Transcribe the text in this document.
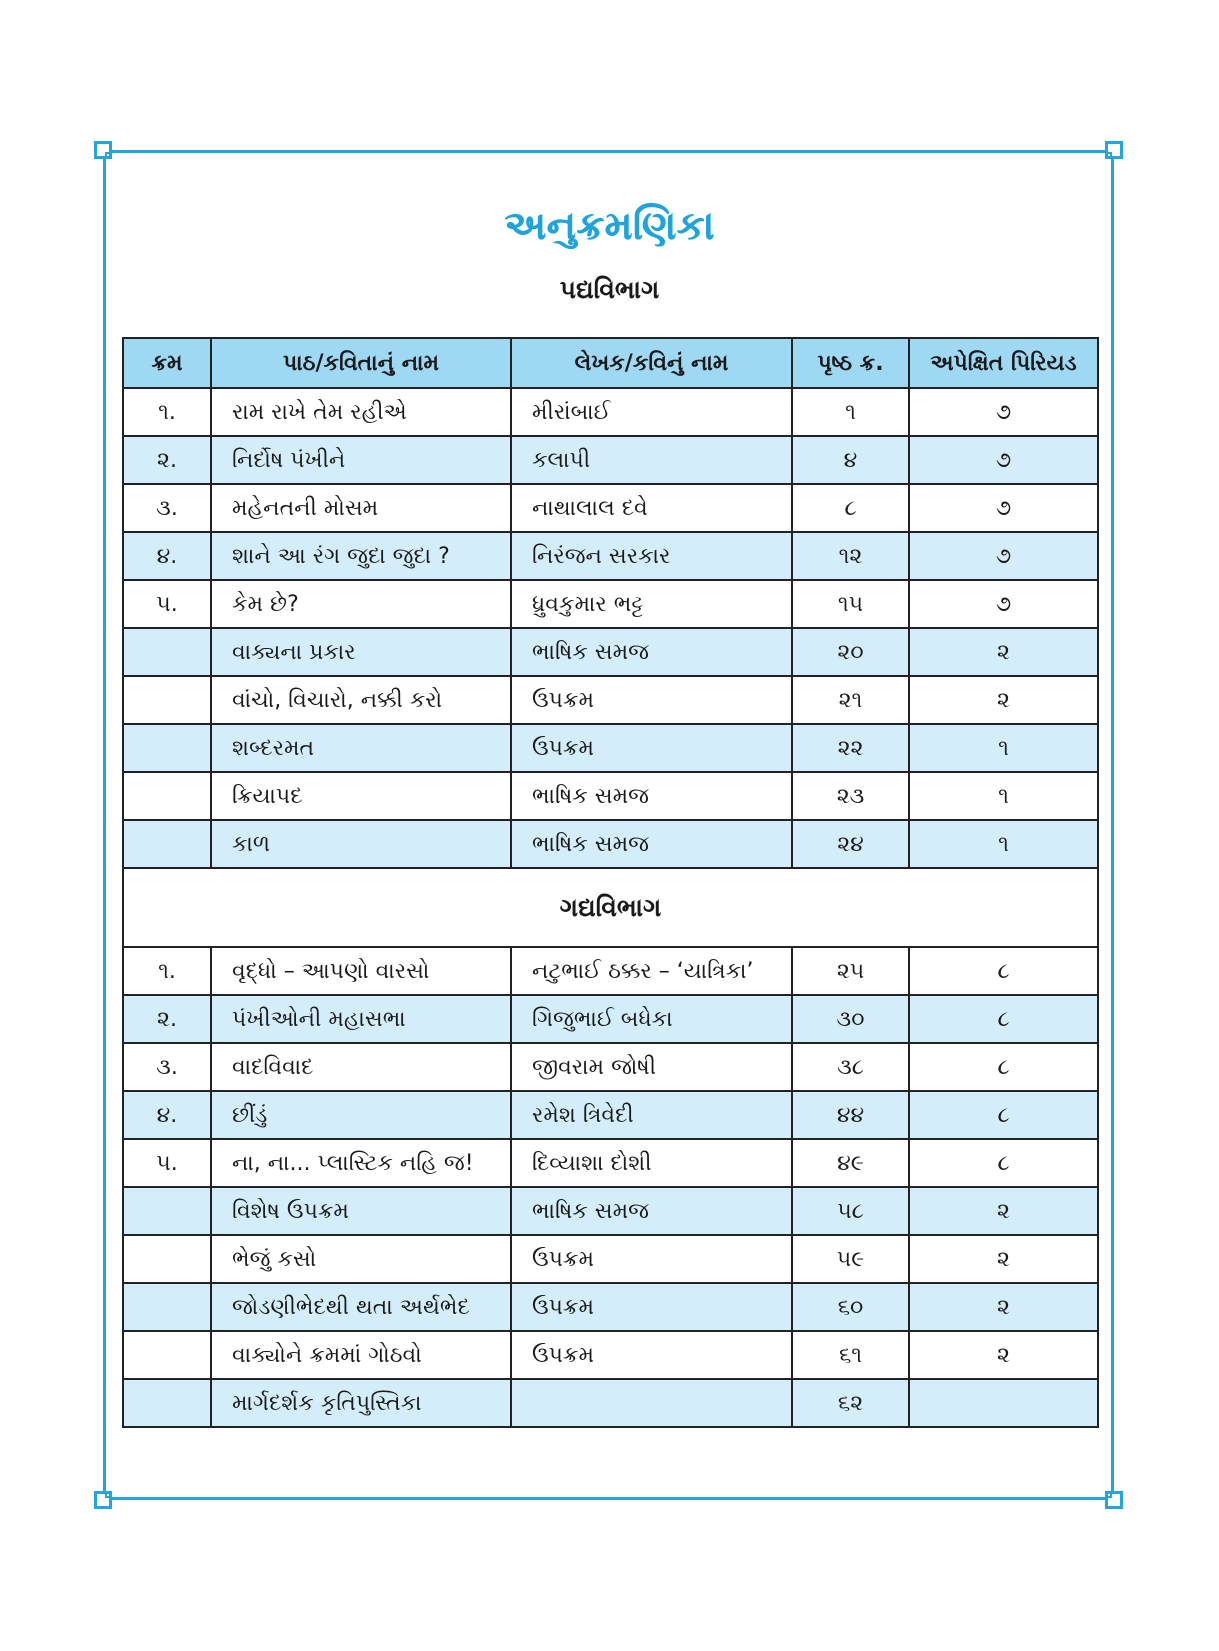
અનુક્રમણિકા
પદ્યવિભાગ
ક્રમ	પાઠ/કવિતાનું નામ	લેખક/કવિનું નામ	પૃષ્ઠ ક્ર.	અપેક્ષિત પિરિયડ
૧.	રામ રાખે તેમ રહીએ	મીરાંબાઈ	૧	૭
૨.	નિર્દોષ પંખીને	કલાપી	૪	૭
૩.	મહેનતની મોસમ	નાથાલાલ દવે	૮	૭
૪.	શાને આ રંગ જુદા જુદા ?	નિરંજન સરકાર	૧૨	૭
૫.	કેમ છે?	ધ્રુવકુમાર ભટ્ટ	૧૫	૭
	વાક્યના પ્રકાર	ભાષિક સમજ	૨૦	૨
	વાંચો, વિચારો, નક્કી કરો	ઉપક્રમ	૨૧	૨
	શબ્દરમત	ઉપક્રમ	૨૨	૧
	ક્રિયાપદ	ભાષિક સમજ	૨૩	૧
	કાળ	ભાષિક સમજ	૨૪	૧
ગદ્યવિભાગ				
૧.	વૃદ્ધો – આપણો વારસો	નટુભાઈ ઠક્કર – ‘યાત્રિકા’	૨૫	૮
૨.	પંખીઓની મહાસભા	ગિજુભાઈ બધેકા	૩૦	૮
૩.	વાદવિવાદ	જીવરામ જોષી	૩૮	૮
૪.	છીંડું	રમેશ ત્રિવેદી	૪૪	૮
૫.	ના, ના... પ્લાસ્ટિક નહિ જ!	દિવ્યાશા દોશી	૪૯	૮
	વિશેષ ઉપક્રમ	ભાષિક સમજ	૫૮	૨
	ભેજું કસો	ઉપક્રમ	૫૯	૨
	જોડણીભેદથી થતા અર્થભેદ	ઉપક્રમ	૬૦	૨
	વાક્યોને ક્રમમાં ગોઠવો	ઉપક્રમ	૬૧	૨
	માર્ગદર્શક કૃતિપુસ્તિકા		૬૨	
